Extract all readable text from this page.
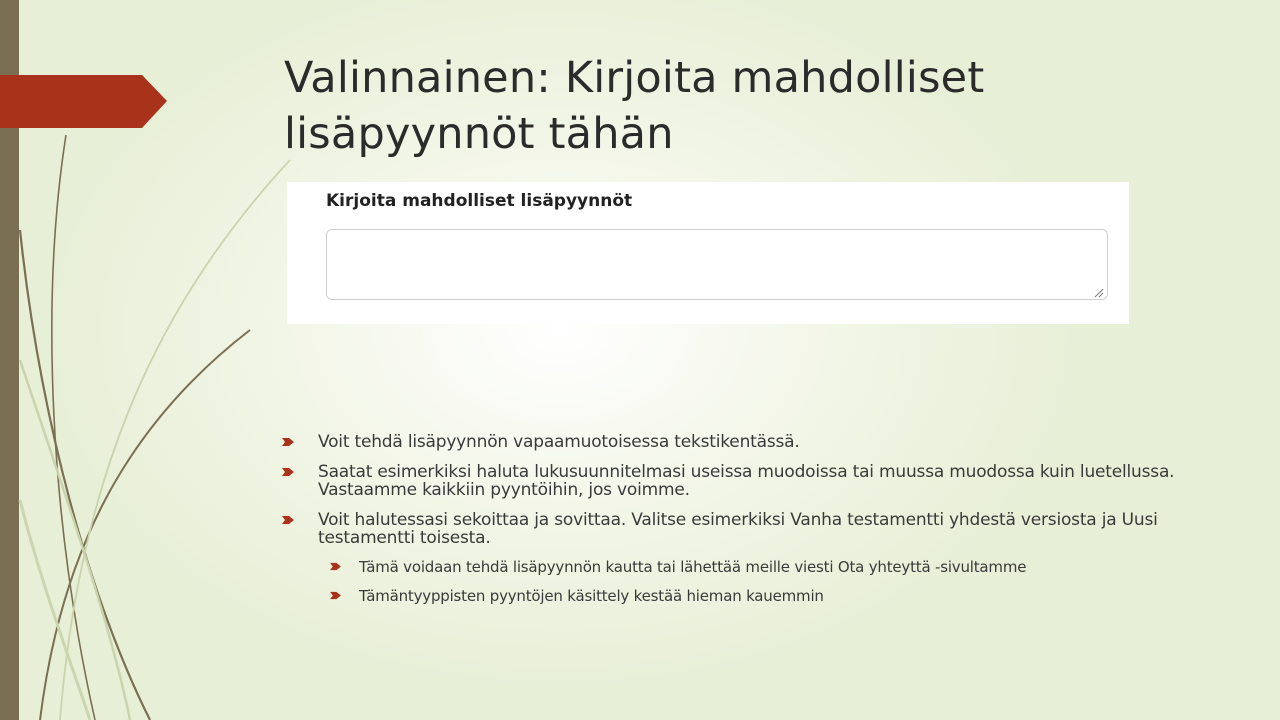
Valinnainen: Kirjoita mahdolliset
lisäpyynnöt tähän
Kirjoita mahdolliset lisäpyynnöt
Voit tehdä lisäpyynnön vapaamuotoisessa tekstikentässä.
Saatat esimerkiksi haluta lukusuunnitelmasi useissa muodoissa tai muussa muodossa kuin luetellussa. Vastaamme kaikkiin pyyntöihin, jos voimme.
Voit halutessasi sekoittaa ja sovittaa. Valitse esimerkiksi Vanha testamentti yhdestä versiosta ja Uusi testamentti toisesta.
Tämä voidaan tehdä lisäpyynnön kautta tai lähettää meille viesti Ota yhteyttä -sivultamme
Tämäntyyppisten pyyntöjen käsittely kestää hieman kauemmin
